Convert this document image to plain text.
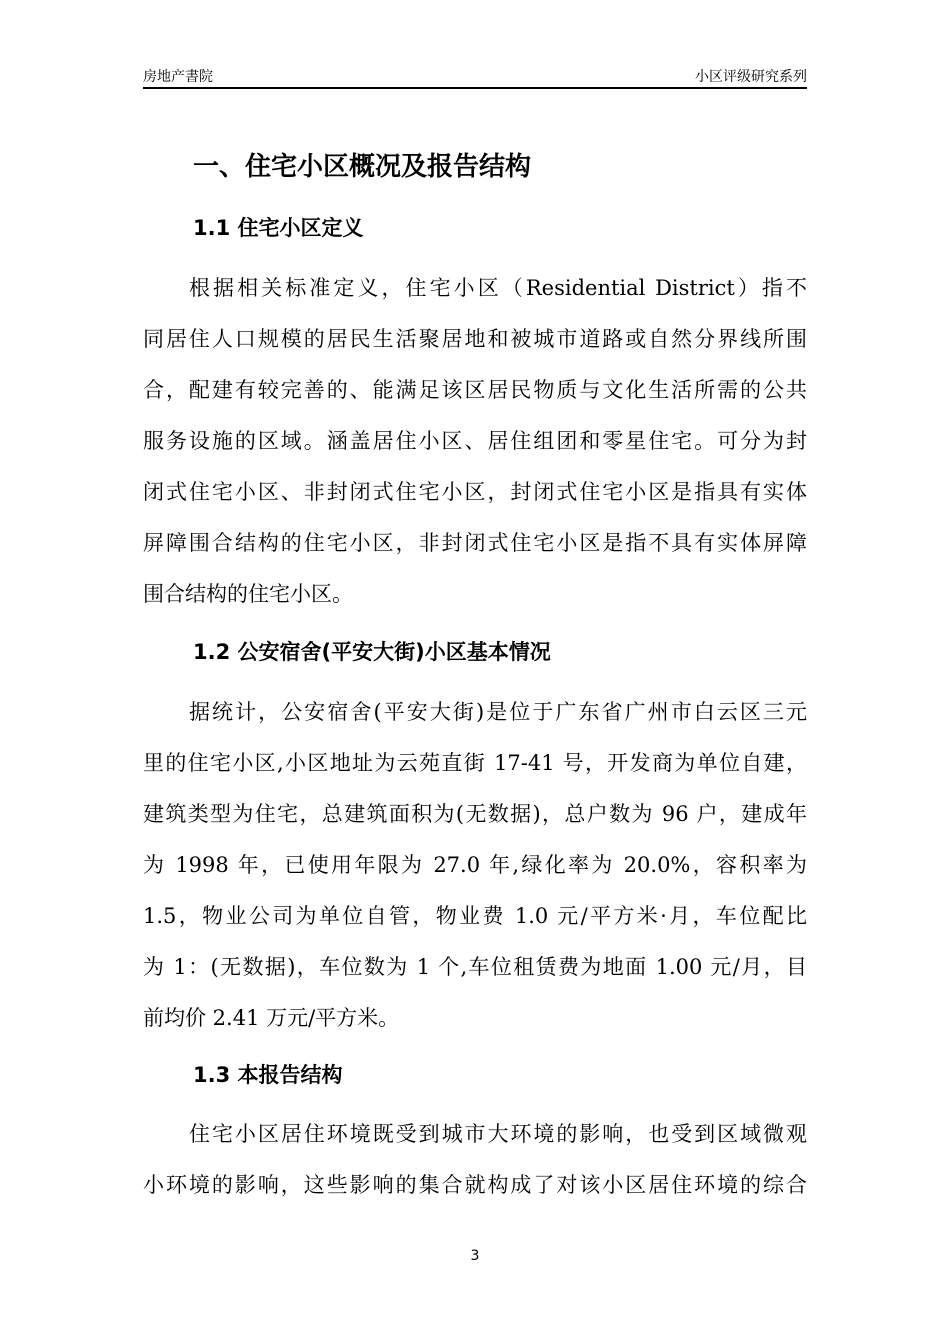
房地产書院	小区评级研究系列
一、住宅小区概况及报告结构
1.1 住宅小区定义
根据相关标准定义，住宅小区（Residential District）指不
同居住人口规模的居民生活聚居地和被城市道路或自然分界线所围
合，配建有较完善的、能满足该区居民物质与文化生活所需的公共
服务设施的区域。涵盖居住小区、居住组团和零星住宅。可分为封
闭式住宅小区、非封闭式住宅小区，封闭式住宅小区是指具有实体
屏障围合结构的住宅小区，非封闭式住宅小区是指不具有实体屏障
围合结构的住宅小区。
1.2 公安宿舍(平安大街)小区基本情况
据统计，公安宿舍(平安大街)是位于广东省广州市白云区三元
里的住宅小区,小区地址为云苑直街 17-41 号，开发商为单位自建，
建筑类型为住宅，总建筑面积为(无数据)，总户数为 96 户，建成年
为 1998 年，已使用年限为 27.0 年,绿化率为 20.0%，容积率为
1.5，物业公司为单位自管，物业费 1.0 元/平方米·月，车位配比
为 1：(无数据)，车位数为 1 个,车位租赁费为地面 1.00 元/月，目
前均价 2.41 万元/平方米。
1.3 本报告结构
住宅小区居住环境既受到城市大环境的影响，也受到区域微观
小环境的影响，这些影响的集合就构成了对该小区居住环境的综合
3
